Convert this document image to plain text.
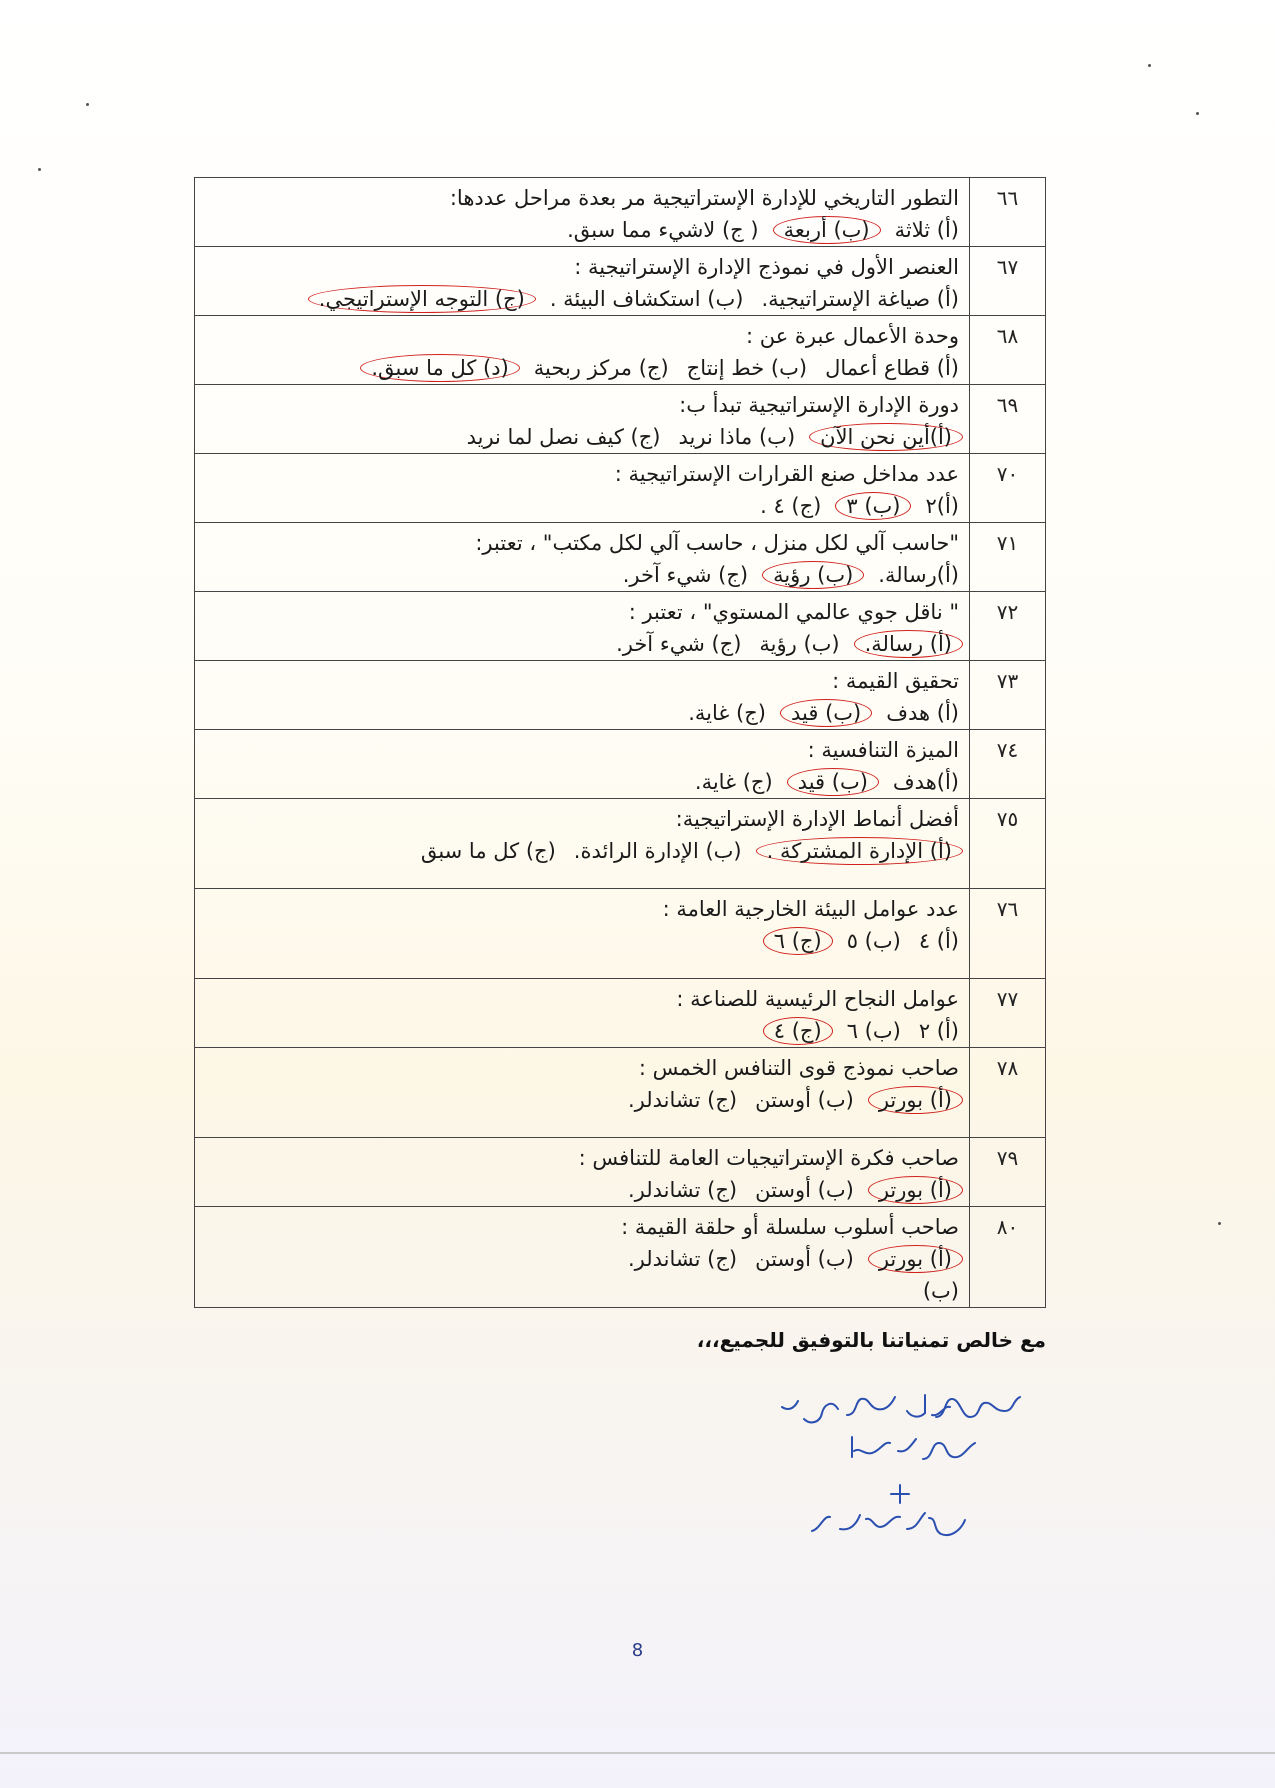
٦٦	التطور التاريخي للإدارة الإستراتيجية مر بعدة مراحل عددها:
(أ) ثلاثة(ب) أربعة( ج) لاشيء مما سبق.

٦٧	العنصر الأول في نموذج الإدارة الإستراتيجية :
(أ) صياغة الإستراتيجية.(ب) استكشاف البيئة .(ج) التوجه الإستراتيجي.

٦٨	وحدة الأعمال عبرة عن :
(أ) قطاع أعمال(ب) خط إنتاج(ج) مركز ربحية(د) كل ما سبق.

٦٩	دورة الإدارة الإستراتيجية تبدأ ب:
(أ)أين نحن الآن(ب) ماذا نريد(ج) كيف نصل لما نريد

٧٠	عدد مداخل صنع القرارات الإستراتيجية :
(أ)٢(ب) ٣(ج) ٤ .

٧١	"حاسب آلي لكل منزل ، حاسب آلي لكل مكتب" ، تعتبر:
(أ)رسالة.(ب) رؤية(ج) شيء آخر.

٧٢	" ناقل جوي عالمي المستوي" ، تعتبر :
(أ) رسالة.(ب) رؤية(ج) شيء آخر.

٧٣	تحقيق القيمة :
(أ) هدف(ب) قيد(ج) غاية.

٧٤	الميزة التنافسية :
(أ)هدف(ب) قيد(ج) غاية.

٧٥	أفضل أنماط الإدارة الإستراتيجية:
(أ) الإدارة المشتركة .(ب) الإدارة الرائدة.(ج) كل ما سبق

٧٦	عدد عوامل البيئة الخارجية العامة :
(أ) ٤(ب) ٥(ج) ٦

٧٧	عوامل النجاح الرئيسية للصناعة :
(أ) ٢(ب) ٦(ج) ٤

٧٨	صاحب نموذج قوى التنافس الخمس :
(أ) بورتر(ب) أوستن(ج) تشاندلر.

٧٩	صاحب فكرة الإستراتيجيات العامة للتنافس :
(أ) بورتر(ب) أوستن(ج) تشاندلر.

٨٠	صاحب أسلوب سلسلة أو حلقة القيمة :
(أ) بورتر(ب) أوستن(ج) تشاندلر.
(ب)
مع خالص تمنياتنا بالتوفيق للجميع،،،
8
